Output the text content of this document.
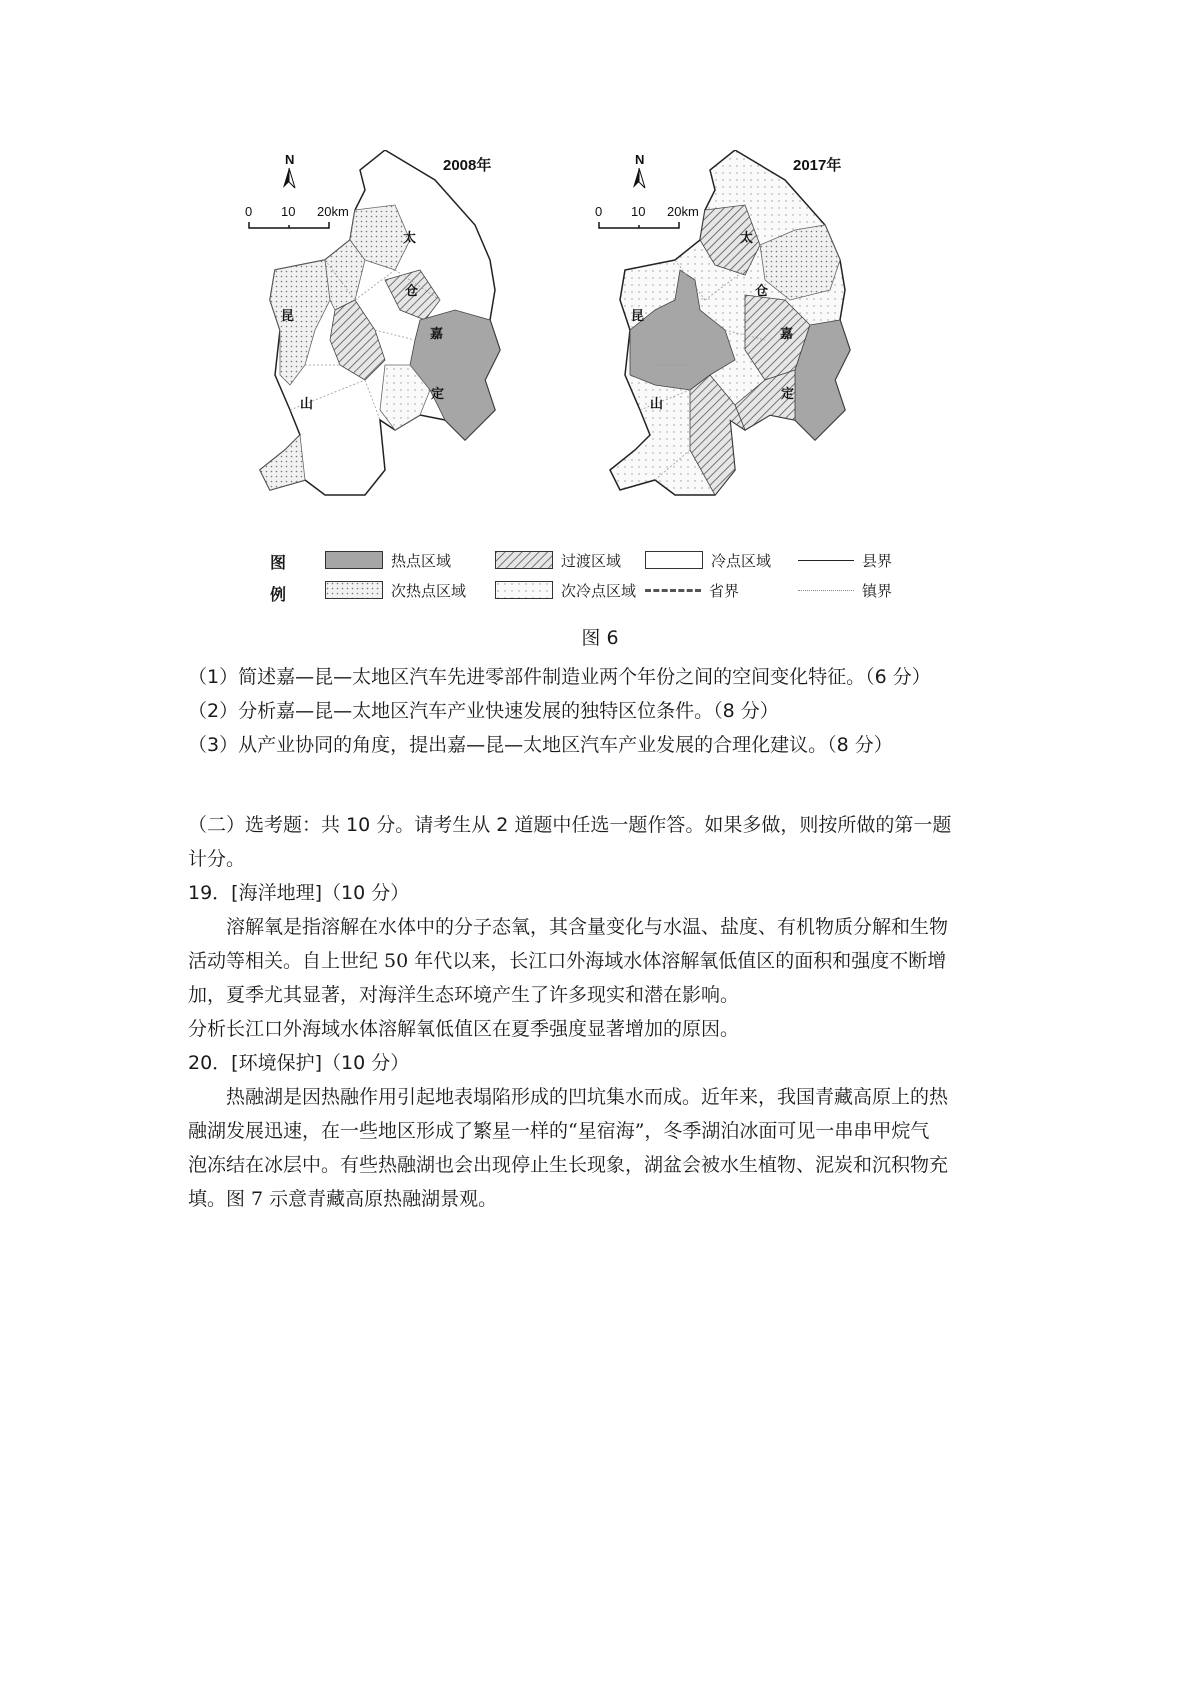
N
0 10 20km
2008年
太
仓
昆
山
嘉
定
N
0 10 20km
2017年
太
仓
昆
山
嘉
定
图
例
热点区域	过渡区域	冷点区域	县界
次热点区域	次冷点区域	省界	镇界
图 6
（1）简述嘉—昆—太地区汽车先进零部件制造业两个年份之间的空间变化特征。（6 分）
（2）分析嘉—昆—太地区汽车产业快速发展的独特区位条件。（8 分）
（3）从产业协同的角度，提出嘉—昆—太地区汽车产业发展的合理化建议。（8 分）
（二）选考题：共 10 分。请考生从 2 道题中任选一题作答。如果多做，则按所做的第一题
计分。
19．[海洋地理]（10 分）
溶解氧是指溶解在水体中的分子态氧，其含量变化与水温、盐度、有机物质分解和生物
活动等相关。自上世纪 50 年代以来，长江口外海域水体溶解氧低值区的面积和强度不断增
加，夏季尤其显著，对海洋生态环境产生了许多现实和潜在影响。
分析长江口外海域水体溶解氧低值区在夏季强度显著增加的原因。
20．[环境保护]（10 分）
热融湖是因热融作用引起地表塌陷形成的凹坑集水而成。近年来，我国青藏高原上的热
融湖发展迅速，在一些地区形成了繁星一样的“星宿海”，冬季湖泊冰面可见一串串甲烷气
泡冻结在冰层中。有些热融湖也会出现停止生长现象，湖盆会被水生植物、泥炭和沉积物充
填。图 7 示意青藏高原热融湖景观。
